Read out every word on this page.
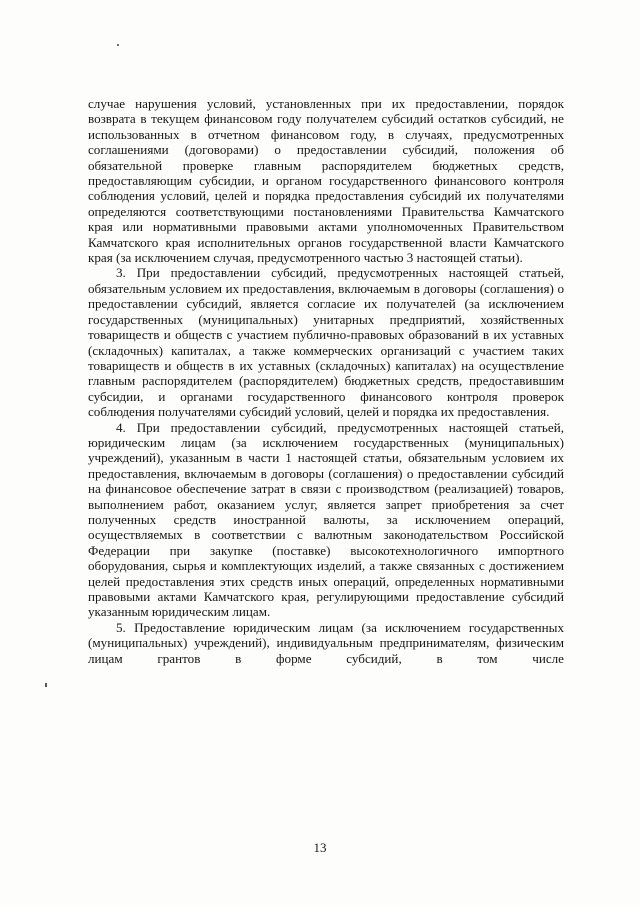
случае нарушения условий, установленных при их предоставлении, порядок возврата в текущем финансовом году получателем субсидий остатков субсидий, не использованных в отчетном финансовом году, в случаях, предусмотренных соглашениями (договорами) о предоставлении субсидий, положения об обязательной проверке главным распорядителем бюджетных средств, предоставляющим субсидии, и органом государственного финансового контроля соблюдения условий, целей и порядка предоставления субсидий их получателями определяются соответствующими постановлениями Правительства Камчатского края или нормативными правовыми актами уполномоченных Правительством Камчатского края исполнительных органов государственной власти Камчатского края (за исключением случая, предусмотренного частью 3 настоящей статьи).

3. При предоставлении субсидий, предусмотренных настоящей статьей, обязательным условием их предоставления, включаемым в договоры (соглашения) о предоставлении субсидий, является согласие их получателей (за исключением государственных (муниципальных) унитарных предприятий, хозяйственных товариществ и обществ с участием публично-правовых образований в их уставных (складочных) капиталах, а также коммерческих организаций с участием таких товариществ и обществ в их уставных (складочных) капиталах) на осуществление главным распорядителем (распорядителем) бюджетных средств, предоставившим субсидии, и органами государственного финансового контроля проверок соблюдения получателями субсидий условий, целей и порядка их предоставления.

4. При предоставлении субсидий, предусмотренных настоящей статьей, юридическим лицам (за исключением государственных (муниципальных) учреждений), указанным в части 1 настоящей статьи, обязательным условием их предоставления, включаемым в договоры (соглашения) о предоставлении субсидий на финансовое обеспечение затрат в связи с производством (реализацией) товаров, выполнением работ, оказанием услуг, является запрет приобретения за счет полученных средств иностранной валюты, за исключением операций, осуществляемых в соответствии с валютным законодательством Российской Федерации при закупке (поставке) высокотехнологичного импортного оборудования, сырья и комплектующих изделий, а также связанных с достижением целей предоставления этих средств иных операций, определенных нормативными правовыми актами Камчатского края, регулирующими предоставление субсидий указанным юридическим лицам.

5. Предоставление юридическим лицам (за исключением государственных (муниципальных) учреждений), индивидуальным предпринимателям, физическим лицам грантов в форме субсидий, в том числе

13
